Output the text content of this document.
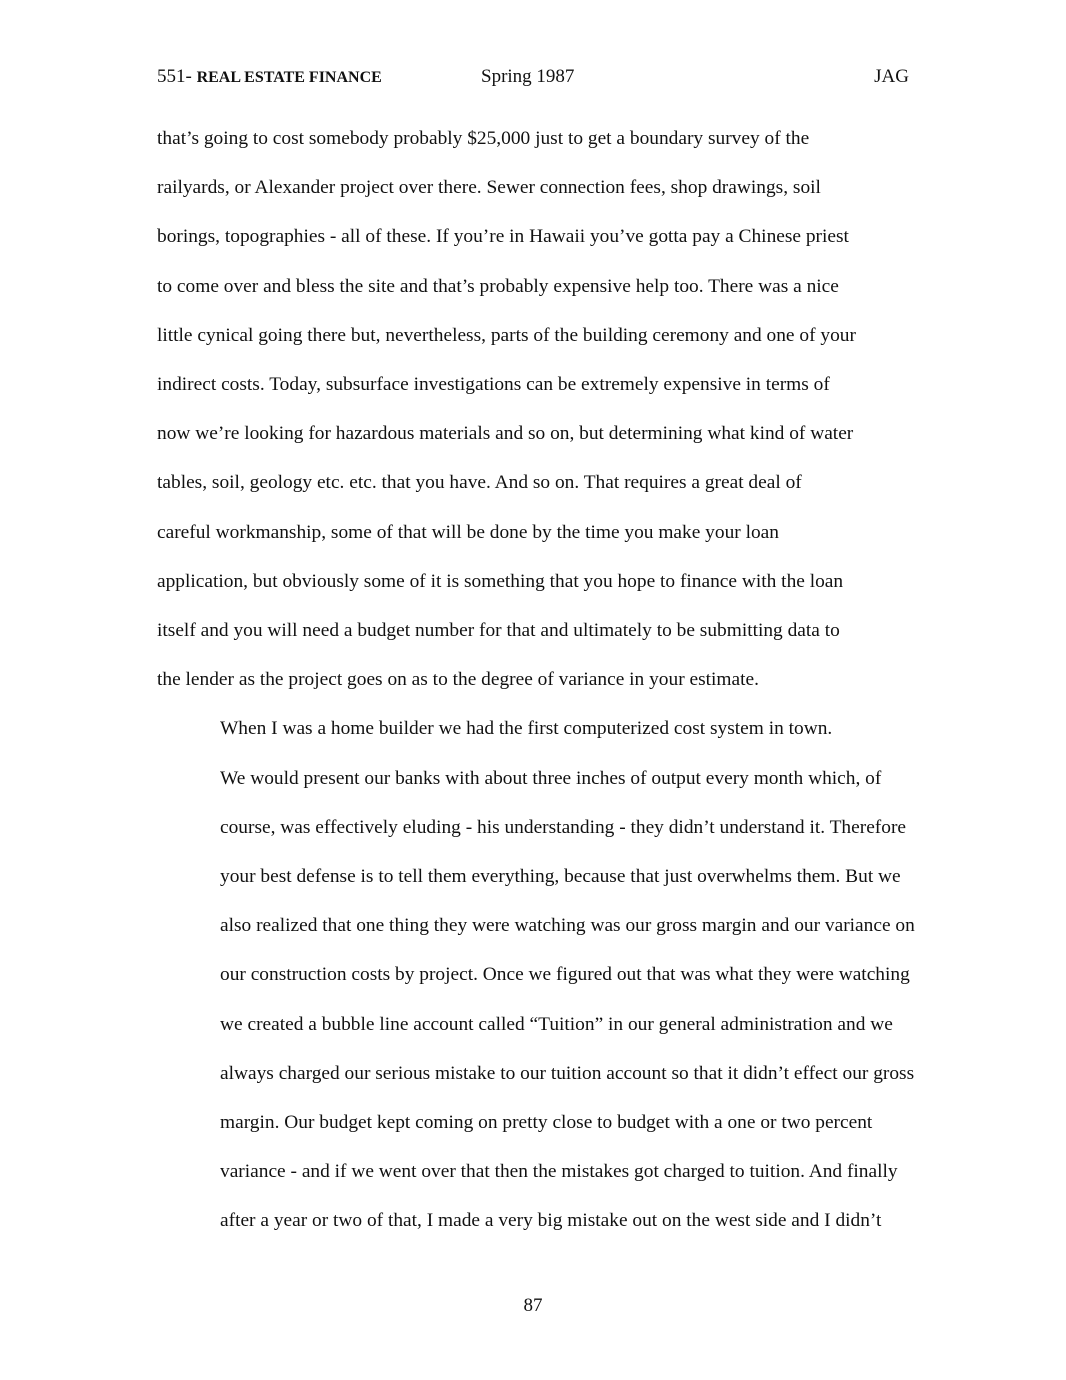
551- REAL ESTATE FINANCE	Spring 1987	JAG

that’s going to cost somebody probably $25,000 just to get a boundary survey of the
railyards, or Alexander project over there. Sewer connection fees, shop drawings, soil
borings, topographies - all of these. If you’re in Hawaii you’ve gotta pay a Chinese priest
to come over and bless the site and that’s probably expensive help too. There was a nice
little cynical going there but, nevertheless, parts of the building ceremony and one of your
indirect costs. Today, subsurface investigations can be extremely expensive in terms of
now we’re looking for hazardous materials and so on, but determining what kind of water
tables, soil, geology etc. etc. that you have. And so on. That requires a great deal of
careful workmanship, some of that will be done by the time you make your loan
application, but obviously some of it is something that you hope to finance with the loan
itself and you will need a budget number for that and ultimately to be submitting data to
the lender as the project goes on as to the degree of variance in your estimate.

When I was a home builder we had the first computerized cost system in town.
We would present our banks with about three inches of output every month which, of
course, was effectively eluding - his understanding - they didn’t understand it. Therefore
your best defense is to tell them everything, because that just overwhelms them. But we
also realized that one thing they were watching was our gross margin and our variance on
our construction costs by project. Once we figured out that was what they were watching
we created a bubble line account called “Tuition” in our general administration and we
always charged our serious mistake to our tuition account so that it didn’t effect our gross
margin. Our budget kept coming on pretty close to budget with a one or two percent
variance - and if we went over that then the mistakes got charged to tuition. And finally
after a year or two of that, I made a very big mistake out on the west side and I didn’t

87
